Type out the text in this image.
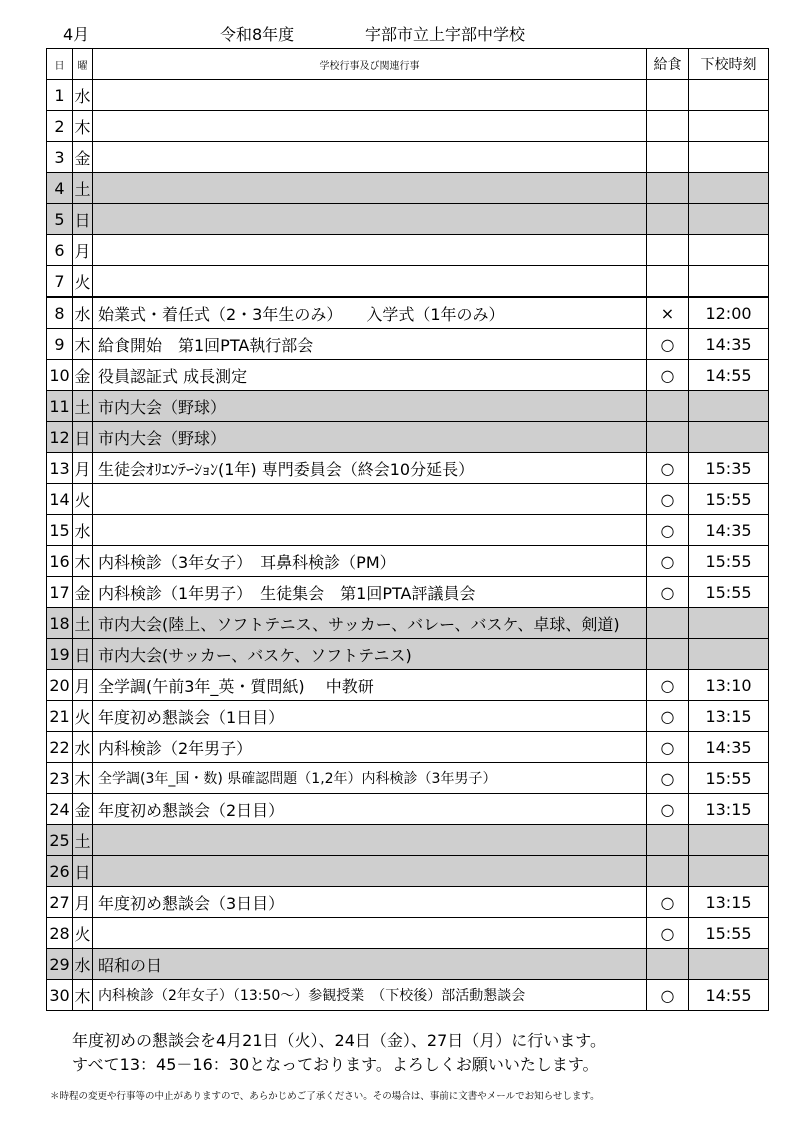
4月	令和8年度	宇部市立上宇部中学校
日	曜	学校行事及び関連行事	給食	下校時刻
1	水			
2	木			
3	金			
4	土			
5	日			
6	月			
7	火			
8	水	始業式・着任式（2・3年生のみ）　　入学式（1年のみ）	×	12:00
9	木	給食開始　第1回PTA執行部会	○	14:35
10	金	役員認証式 成長測定	○	14:55
11	土	市内大会（野球）		
12	日	市内大会（野球）		
13	月	生徒会ｵﾘｴﾝﾃｰｼｮﾝ(1年) 専門委員会（終会10分延長）	○	15:35
14	火		○	15:55
15	水		○	14:35
16	木	内科検診（3年女子）　耳鼻科検診（PM）	○	15:55
17	金	内科検診（1年男子）　生徒集会　第1回PTA評議員会	○	15:55
18	土	市内大会(陸上、ソフトテニス、サッカー、バレー、バスケ、卓球、剣道)		
19	日	市内大会(サッカー、バスケ、ソフトテニス)		
20	月	全学調(午前3年_英・質問紙)　 中教研	○	13:10
21	火	年度初め懇談会（1日目）	○	13:15
22	水	内科検診（2年男子）	○	14:35
23	木	全学調(3年_国・数) 県確認問題（1,2年）内科検診（3年男子）	○	15:55
24	金	年度初め懇談会（2日目）	○	13:15
25	土			
26	日			
27	月	年度初め懇談会（3日目）	○	13:15
28	火		○	15:55
29	水	昭和の日		
30	木	内科検診（2年女子）（13:50～）参観授業　（下校後）部活動懇談会	○	14:55
年度初めの懇談会を4月21日（火）、24日（金）、27日（月）に行います。
すべて13：45－16：30となっております。よろしくお願いいたします。
＊時程の変更や行事等の中止がありますので、あらかじめご了承ください。その場合は、事前に文書やメールでお知らせします。
